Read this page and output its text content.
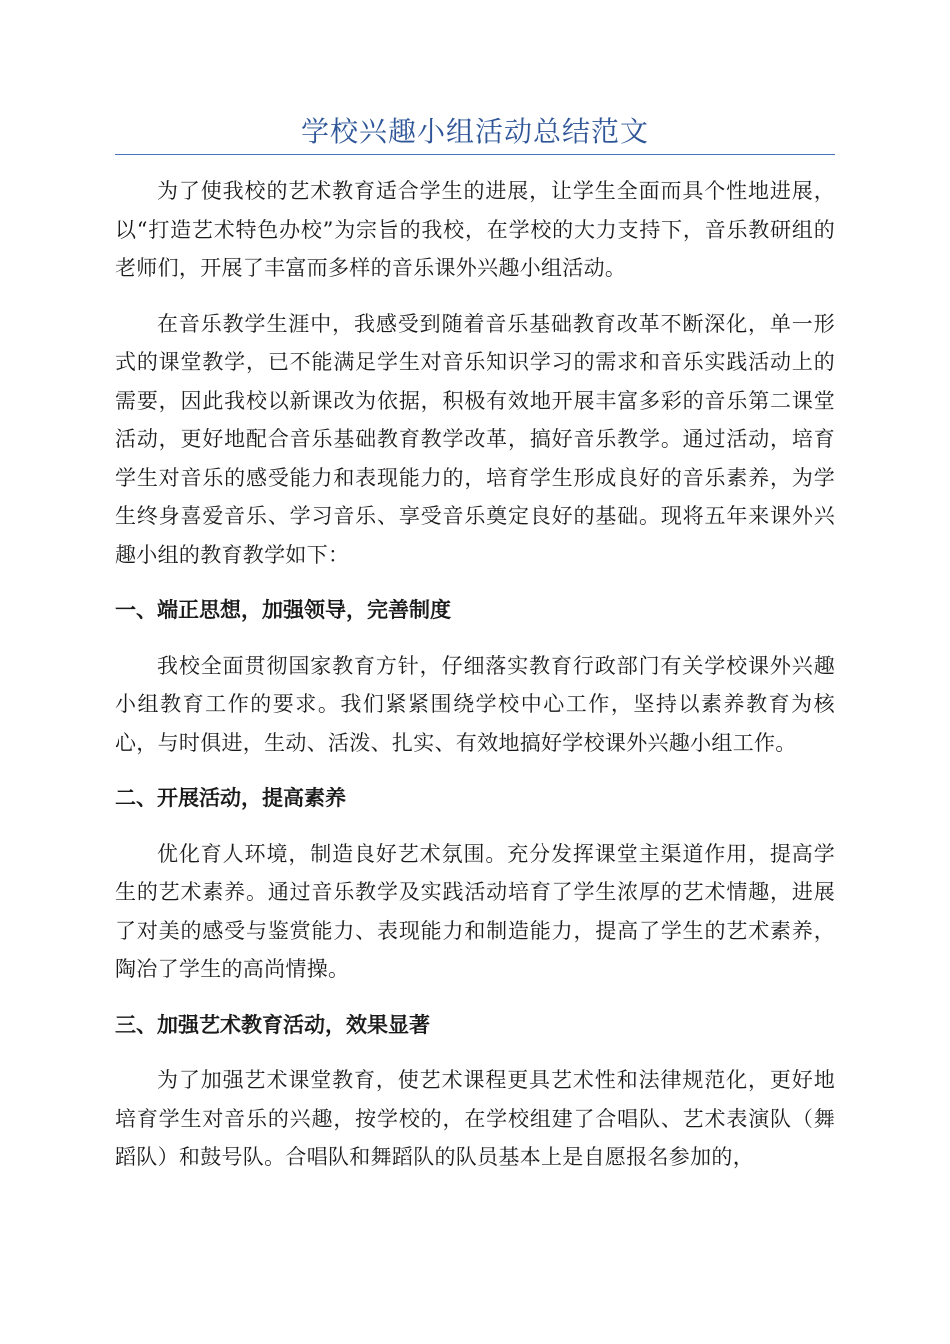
学校兴趣小组活动总结范文

为了使我校的艺术教育适合学生的进展，让学生全面而具个性地进展，以“打造艺术特色办校”为宗旨的我校，在学校的大力支持下，音乐教研组的老师们，开展了丰富而多样的音乐课外兴趣小组活动。

在音乐教学生涯中，我感受到随着音乐基础教育改革不断深化，单一形式的课堂教学，已不能满足学生对音乐知识学习的需求和音乐实践活动上的需要，因此我校以新课改为依据，积极有效地开展丰富多彩的音乐第二课堂活动，更好地配合音乐基础教育教学改革，搞好音乐教学。通过活动，培育学生对音乐的感受能力和表现能力的，培育学生形成良好的音乐素养，为学生终身喜爱音乐、学习音乐、享受音乐奠定良好的基础。现将五年来课外兴趣小组的教育教学如下：

一、端正思想，加强领导，完善制度

我校全面贯彻国家教育方针，仔细落实教育行政部门有关学校课外兴趣小组教育工作的要求。我们紧紧围绕学校中心工作，坚持以素养教育为核心，与时俱进，生动、活泼、扎实、有效地搞好学校课外兴趣小组工作。

二、开展活动，提高素养

优化育人环境，制造良好艺术氛围。充分发挥课堂主渠道作用，提高学生的艺术素养。通过音乐教学及实践活动培育了学生浓厚的艺术情趣，进展了对美的感受与鉴赏能力、表现能力和制造能力，提高了学生的艺术素养，陶冶了学生的高尚情操。

三、加强艺术教育活动，效果显著

为了加强艺术课堂教育，使艺术课程更具艺术性和法律规范化，更好地培育学生对音乐的兴趣，按学校的，在学校组建了合唱队、艺术表演队（舞蹈队）和鼓号队。合唱队和舞蹈队的队员基本上是自愿报名参加的，
